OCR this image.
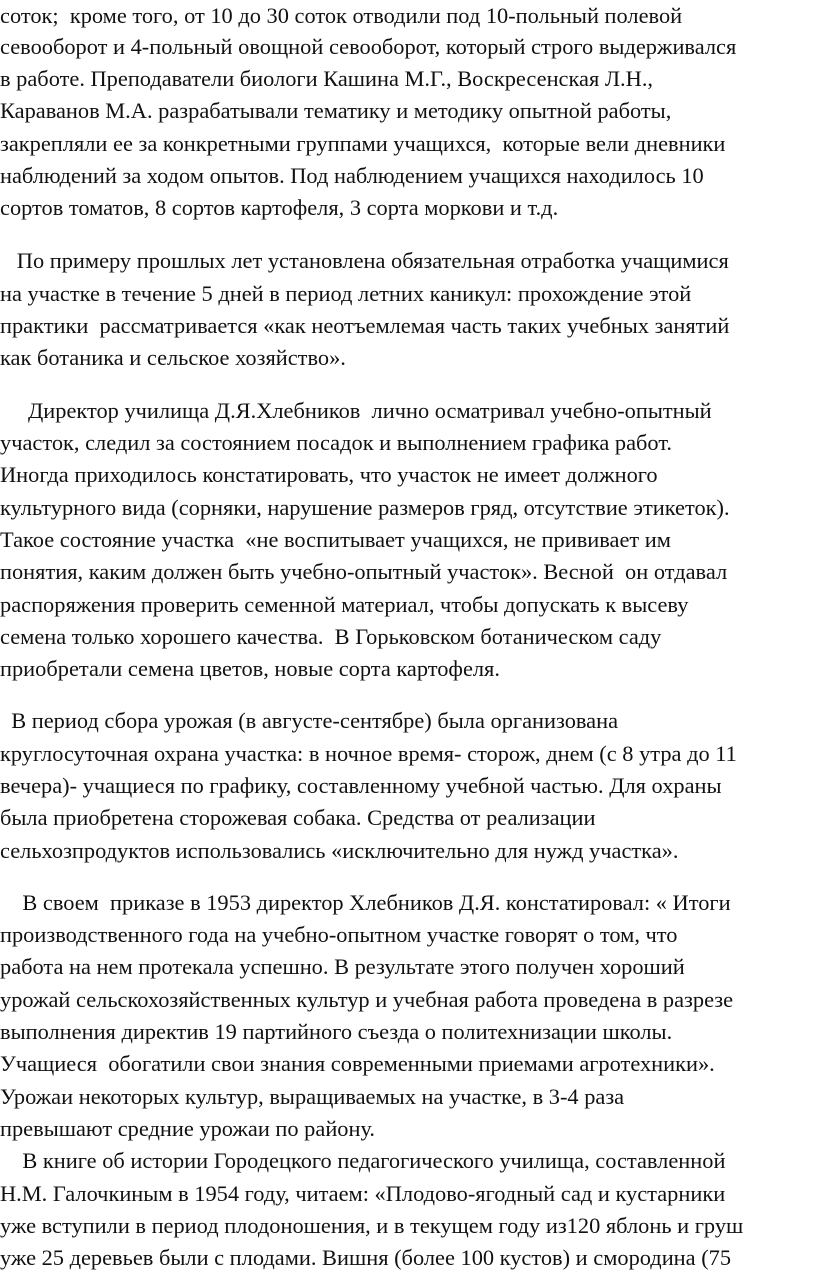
соток;  кроме того, от 10 до 30 соток отводили под 10-польный полевой
севооборот и 4-польный овощной севооборот, который строго выдерживался
в работе. Преподаватели биологи Кашина М.Г., Воскресенская Л.Н.,
Караванов М.А. разрабатывали тематику и методику опытной работы,
закрепляли ее за конкретными группами учащихся,  которые вели дневники
наблюдений за ходом опытов. Под наблюдением учащихся находилось 10
сортов томатов, 8 сортов картофеля, 3 сорта моркови и т.д.
По примеру прошлых лет установлена обязательная отработка учащимися
на участке в течение 5 дней в период летних каникул: прохождение этой
практики  рассматривается «как неотъемлемая часть таких учебных занятий
как ботаника и сельское хозяйство».
Директор училища Д.Я.Хлебников  лично осматривал учебно-опытный
участок, следил за состоянием посадок и выполнением графика работ.
Иногда приходилось констатировать, что участок не имеет должного
культурного вида (сорняки, нарушение размеров гряд, отсутствие этикеток).
Такое состояние участка  «не воспитывает учащихся, не прививает им
понятия, каким должен быть учебно-опытный участок». Весной  он отдавал
распоряжения проверить семенной материал, чтобы допускать к высеву
семена только хорошего качества.  В Горьковском ботаническом саду
приобретали семена цветов, новые сорта картофеля.
В период сбора урожая (в августе-сентябре) была организована
круглосуточная охрана участка: в ночное время- сторож, днем (с 8 утра до 11
вечера)- учащиеся по графику, составленному учебной частью. Для охраны
была приобретена сторожевая собака. Средства от реализации
сельхозпродуктов использовались «исключительно для нужд участка».
В своем  приказе в 1953 директор Хлебников Д.Я. констатировал: « Итоги
производственного года на учебно-опытном участке говорят о том, что
работа на нем протекала успешно. В результате этого получен хороший
урожай сельскохозяйственных культур и учебная работа проведена в разрезе
выполнения директив 19 партийного съезда о политехнизации школы.
Учащиеся  обогатили свои знания современными приемами агротехники».
Урожаи некоторых культур, выращиваемых на участке, в 3-4 раза
превышают средние урожаи по району.
В книге об истории Городецкого педагогического училища, составленной
Н.М. Галочкиным в 1954 году, читаем: «Плодово-ягодный сад и кустарники
уже вступили в период плодоношения, и в текущем году из120 яблонь и груш
уже 25 деревьев были с плодами. Вишня (более 100 кустов) и смородина (75
